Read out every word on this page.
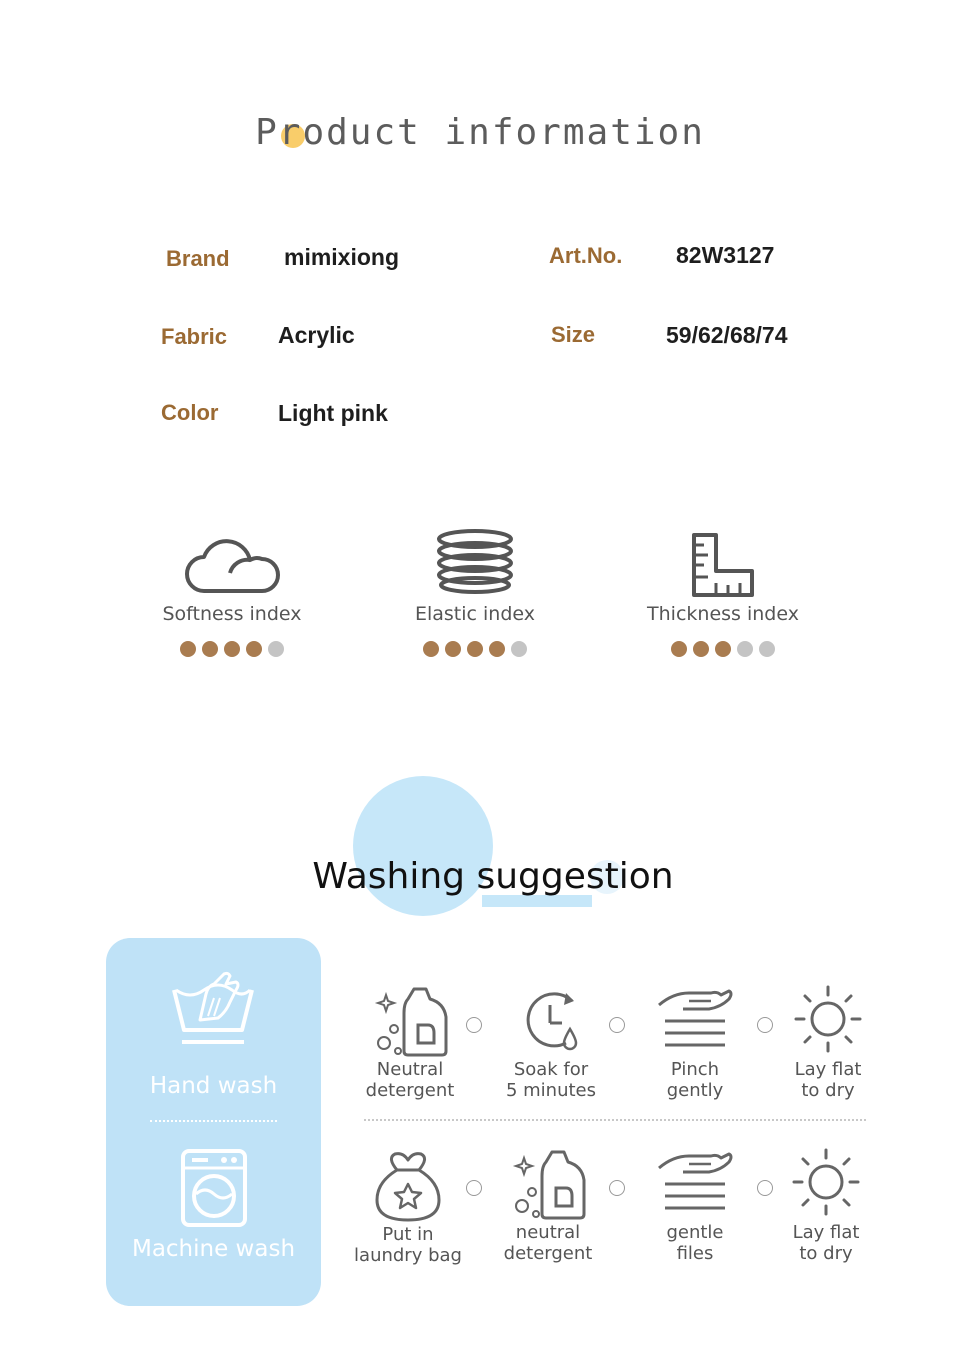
Product information
Brand mimixiong	Art.No. 82W3127
Fabric Acrylic	Size	59/62/68/74
Color	Light pink
Softness index	Elastic index	Thickness index
Washing suggestion
Hand wash
Machine wash
Neutral
detergent
Soak for
5 minutes
Pinch
gently
Lay flat
to dry
Put in
laundry bag
neutral
detergent
gentle
files
Lay flat
to dry
